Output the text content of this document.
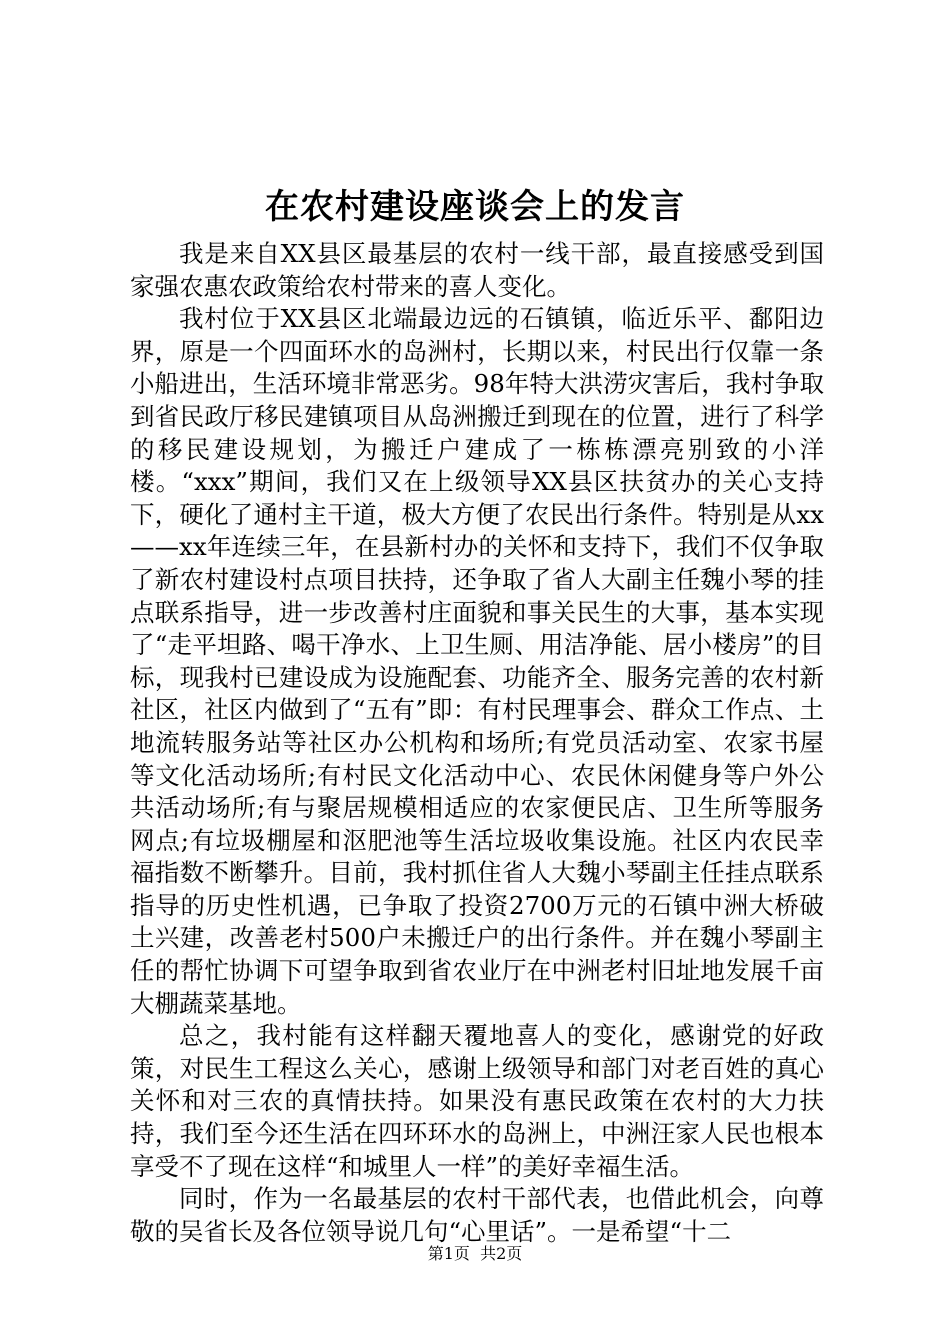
在农村建设座谈会上的发言

我是来自XX县区最基层的农村一线干部，最直接感受到国家强农惠农政策给农村带来的喜人变化。

我村位于XX县区北端最边远的石镇镇，临近乐平、鄱阳边界，原是一个四面环水的岛洲村，长期以来，村民出行仅靠一条小船进出，生活环境非常恶劣。98年特大洪涝灾害后，我村争取到省民政厅移民建镇项目从岛洲搬迁到现在的位置，进行了科学的移民建设规划，为搬迁户建成了一栋栋漂亮别致的小洋楼。“xxx”期间，我们又在上级领导XX县区扶贫办的关心支持下，硬化了通村主干道，极大方便了农民出行条件。特别是从xx——xx年连续三年，在县新村办的关怀和支持下，我们不仅争取了新农村建设村点项目扶持，还争取了省人大副主任魏小琴的挂点联系指导，进一步改善村庄面貌和事关民生的大事，基本实现了“走平坦路、喝干净水、上卫生厕、用洁净能、居小楼房”的目标，现我村已建设成为设施配套、功能齐全、服务完善的农村新社区，社区内做到了“五有”即：有村民理事会、群众工作点、土地流转服务站等社区办公机构和场所;有党员活动室、农家书屋等文化活动场所;有村民文化活动中心、农民休闲健身等户外公共活动场所;有与聚居规模相适应的农家便民店、卫生所等服务网点;有垃圾棚屋和沤肥池等生活垃圾收集设施。社区内农民幸福指数不断攀升。目前，我村抓住省人大魏小琴副主任挂点联系指导的历史性机遇，已争取了投资2700万元的石镇中洲大桥破土兴建，改善老村500户未搬迁户的出行条件。并在魏小琴副主任的帮忙协调下可望争取到省农业厅在中洲老村旧址地发展千亩大棚蔬菜基地。

总之，我村能有这样翻天覆地喜人的变化，感谢党的好政策，对民生工程这么关心，感谢上级领导和部门对老百姓的真心关怀和对三农的真情扶持。如果没有惠民政策在农村的大力扶持，我们至今还生活在四环环水的岛洲上，中洲汪家人民也根本享受不了现在这样“和城里人一样”的美好幸福生活。

同时，作为一名最基层的农村干部代表，也借此机会，向尊敬的吴省长及各位领导说几句“心里话”。一是希望“十二

第1页  共2页
